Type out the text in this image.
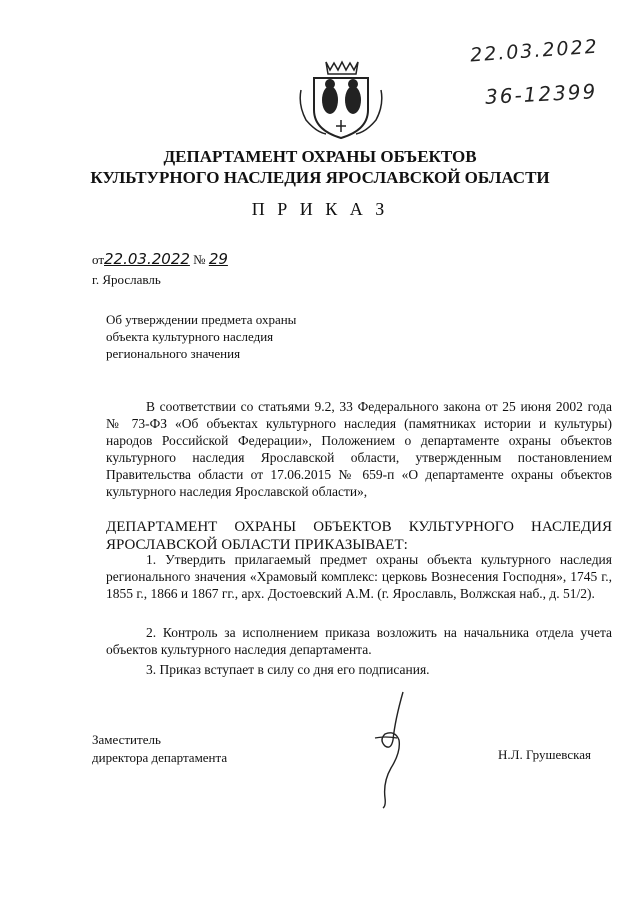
22.03.2022
36-12399
ДЕПАРТАМЕНТ ОХРАНЫ ОБЪЕКТОВ
КУЛЬТУРНОГО НАСЛЕДИЯ ЯРОСЛАВСКОЙ ОБЛАСТИ
П Р И К А З
от22.03.2022 № 29
г. Ярославль
Об утверждении предмета охраны
объекта культурного наследия
регионального значения
В соответствии со статьями 9.2, 33 Федерального закона от 25 июня 2002 года № 73-ФЗ «Об объектах культурного наследия (памятниках истории и культуры) народов Российской Федерации», Положением о департаменте охраны объектов культурного наследия Ярославской области, утвержденным постановлением Правительства области от 17.06.2015 № 659-п «О департаменте охраны объектов культурного наследия Ярославской области»,
ДЕПАРТАМЕНТ ОХРАНЫ ОБЪЕКТОВ КУЛЬТУРНОГО НАСЛЕДИЯ ЯРОСЛАВСКОЙ ОБЛАСТИ ПРИКАЗЫВАЕТ:
1. Утвердить прилагаемый предмет охраны объекта культурного наследия регионального значения «Храмовый комплекс: церковь Вознесения Господня», 1745 г., 1855 г., 1866 и 1867 гг., арх. Достоевский А.М. (г. Ярославль, Волжская наб., д. 51/2).
2. Контроль за исполнением приказа возложить на начальника отдела учета объектов культурного наследия департамента.
3. Приказ вступает в силу со дня его подписания.
Заместитель
директора департамента	Н.Л. Грушевская
